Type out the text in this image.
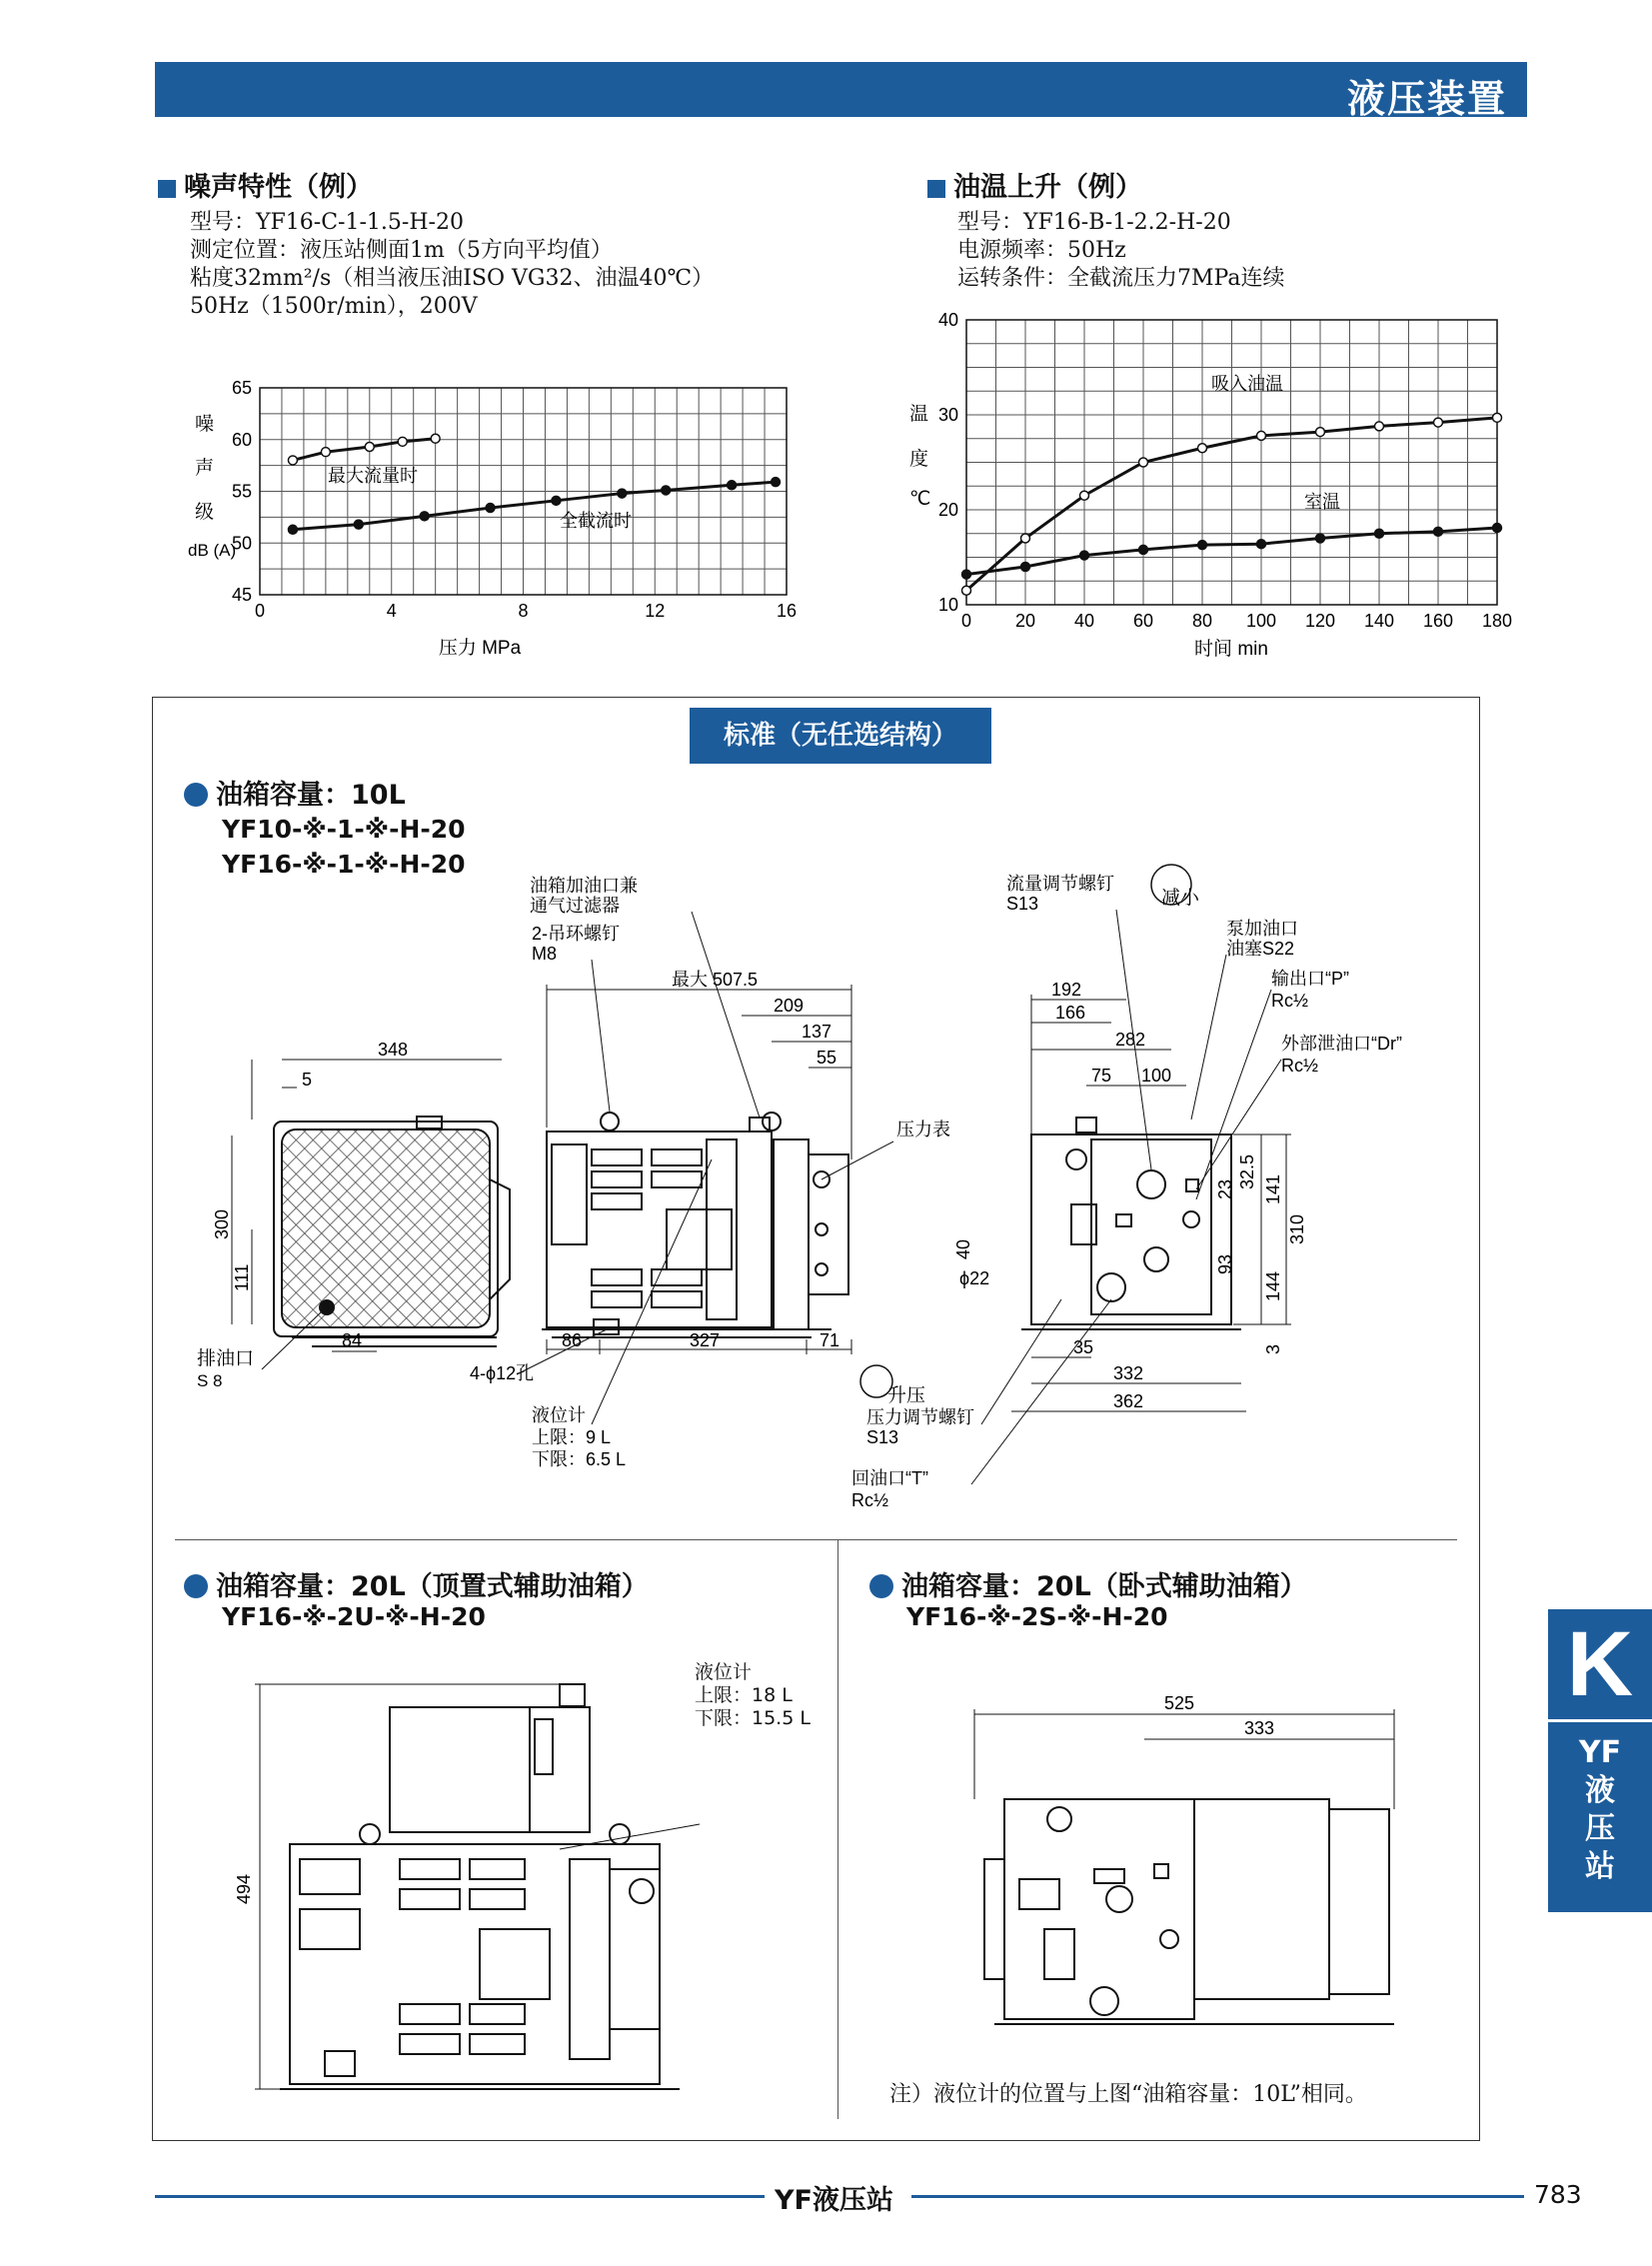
液压装置
噪声特性（例）
型号：YF16-C-1-1.5-H-20
测定位置：液压站侧面1m（5方向平均值）
粘度32mm²/s（相当液压油ISO VG32、油温40℃）
50Hz（1500r/min），200V
油温上升（例）
型号：YF16-B-1-2.2-H-20
电源频率：50Hz
运转条件：全截流压力7MPa连续
0	4	8	12	16
45
50
55
60
65
噪
声
级
dB (A)
压力 MPa
最大流量时
全截流时
0 20 40 60 80 100 120 140 160 180
10
20
30
40
温
度
℃
时间 min
吸入油温
室温
标准（无任选结构）
油箱容量：10L
YF10-※-1-※-H-20
YF16-※-1-※-H-20
348
5
300
111
84
排油口
S 8
最大 507.5
209
137
55
86	327	71
2-吊环螺钉
M8
油箱加油口兼
通气过滤器
压力表
4-ϕ12孔
液位计
上限：9 L
下限：6.5 L
192
166
282
75 100
32.5
23 141
310
40
ϕ22
93
144
3
35
332
362
流量调节螺钉
S13	减小
泵加油口
油塞S22
输出口“P”
Rc½
外部泄油口“Dr”
Rc½
升压
压力调节螺钉
S13
回油口“T”
Rc½
油箱容量：20L（顶置式辅助油箱）
YF16-※-2U-※-H-20
494
液位计
上限：18 L
下限：15.5 L
油箱容量：20L（卧式辅助油箱）
YF16-※-2S-※-H-20
525
333
注）液位计的位置与上图“油箱容量：10L”相同。
K
YF
液
压
站
YF液压站	783
